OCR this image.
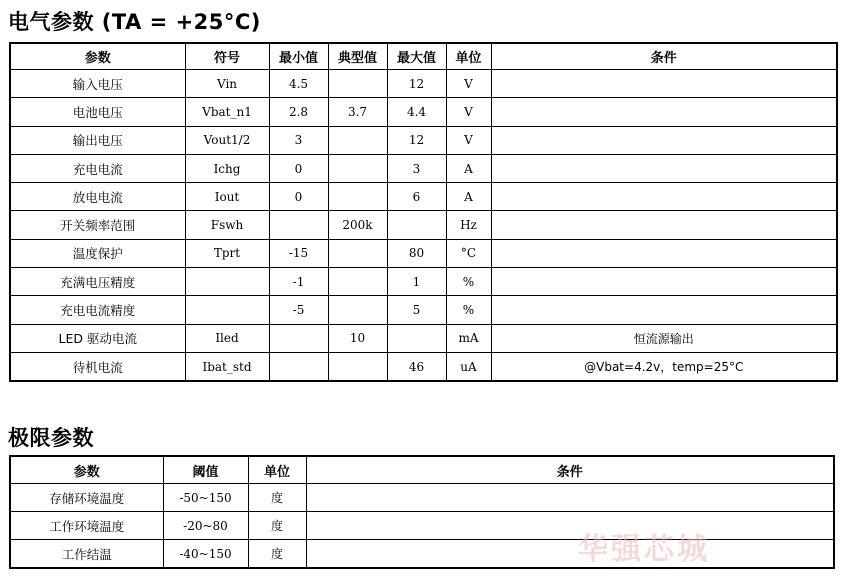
电气参数 (TA = +25°C)
参数	符号	最小值	典型值	最大值	单位	条件
输入电压	Vin	4.5		12	V	
电池电压	Vbat_n1	2.8	3.7	4.4	V	
输出电压	Vout1/2	3		12	V	
充电电流	Ichg	0		3	A	
放电电流	Iout	0		6	A	
开关频率范围	Fswh		200k		Hz	
温度保护	Tprt	-15		80	°C	
充满电压精度		-1		1	%	
充电电流精度		-5		5	%	
LED 驱动电流	Iled		10		mA	恒流源输出
待机电流	Ibat_std			46	uA	@Vbat=4.2v，temp=25°C
极限参数
参数	阈值	单位	条件
存储环境温度	-50~150	度	
工作环境温度	-20~80	度	
工作结温	-40~150	度		华强芯城
